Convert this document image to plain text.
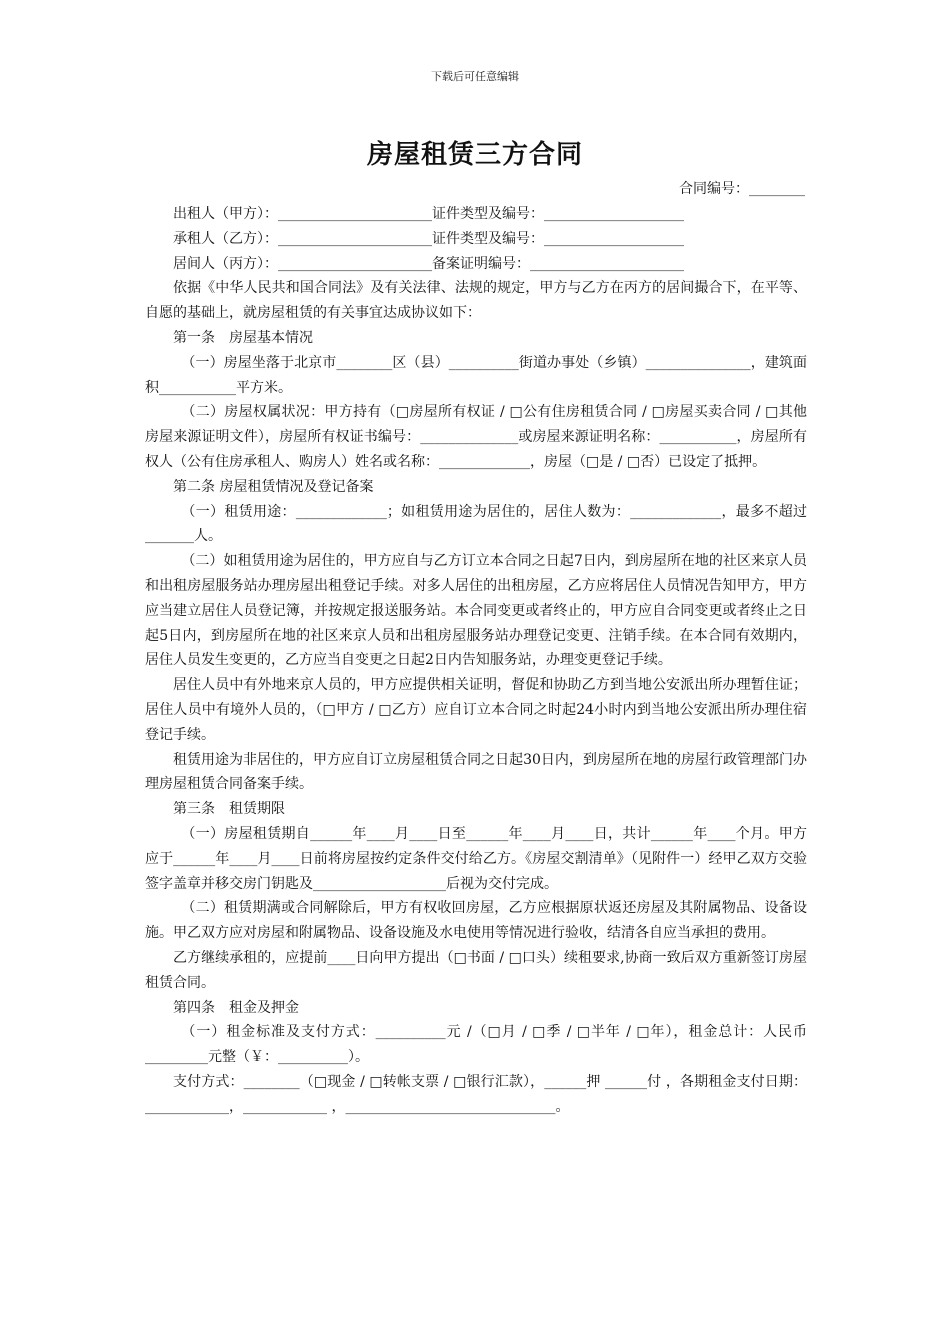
下载后可任意编辑
房屋租赁三方合同
合同编号：________

出租人（甲方）：______________________证件类型及编号：____________________

承租人（乙方）：______________________证件类型及编号：____________________

居间人（丙方）：______________________备案证明编号：______________________

依据《中华人民共和国合同法》及有关法律、法规的规定，甲方与乙方在丙方的居间撮合下，在平等、自愿的基础上，就房屋租赁的有关事宜达成协议如下：

第一条　房屋基本情况

（一）房屋坐落于北京市________区（县）__________街道办事处（乡镇）_______________，建筑面积___________平方米。

（二）房屋权属状况：甲方持有（□房屋所有权证 / □公有住房租赁合同 / □房屋买卖合同 / □其他房屋来源证明文件），房屋所有权证书编号：______________或房屋来源证明名称：___________，房屋所有权人（公有住房承租人、购房人）姓名或名称：_____________，房屋（□是 / □否）已设定了抵押。

第二条 房屋租赁情况及登记备案

（一）租赁用途：_____________；如租赁用途为居住的，居住人数为：_____________，最多不超过_______人。

（二）如租赁用途为居住的，甲方应自与乙方订立本合同之日起7日内，到房屋所在地的社区来京人员和出租房屋服务站办理房屋出租登记手续。对多人居住的出租房屋，乙方应将居住人员情况告知甲方，甲方应当建立居住人员登记簿，并按规定报送服务站。本合同变更或者终止的，甲方应自合同变更或者终止之日起5日内，到房屋所在地的社区来京人员和出租房屋服务站办理登记变更、注销手续。在本合同有效期内，居住人员发生变更的，乙方应当自变更之日起2日内告知服务站，办理变更登记手续。

居住人员中有外地来京人员的，甲方应提供相关证明，督促和协助乙方到当地公安派出所办理暂住证；居住人员中有境外人员的，（□甲方 / □乙方）应自订立本合同之时起24小时内到当地公安派出所办理住宿登记手续。

租赁用途为非居住的，甲方应自订立房屋租赁合同之日起30日内，到房屋所在地的房屋行政管理部门办理房屋租赁合同备案手续。

第三条　租赁期限

（一）房屋租赁期自______年____月____日至______年____月____日，共计______年____个月。甲方应于______年____月____日前将房屋按约定条件交付给乙方。《房屋交割清单》（见附件一）经甲乙双方交验签字盖章并移交房门钥匙及___________________后视为交付完成。

（二）租赁期满或合同解除后，甲方有权收回房屋，乙方应根据原状返还房屋及其附属物品、设备设施。甲乙双方应对房屋和附属物品、设备设施及水电使用等情况进行验收，结清各自应当承担的费用。

乙方继续承租的，应提前____日向甲方提出（□书面 / □口头）续租要求,协商一致后双方重新签订房屋租赁合同。

第四条　租金及押金

（一）租金标准及支付方式：__________元 /（□月 / □季 / □半年 / □年），租金总计：人民币_________元整（￥：__________）。

支付方式：________（□现金 / □转帐支票 / □银行汇款），______押 ______付 ，各期租金支付日期： ____________，____________ ，______________________________。
